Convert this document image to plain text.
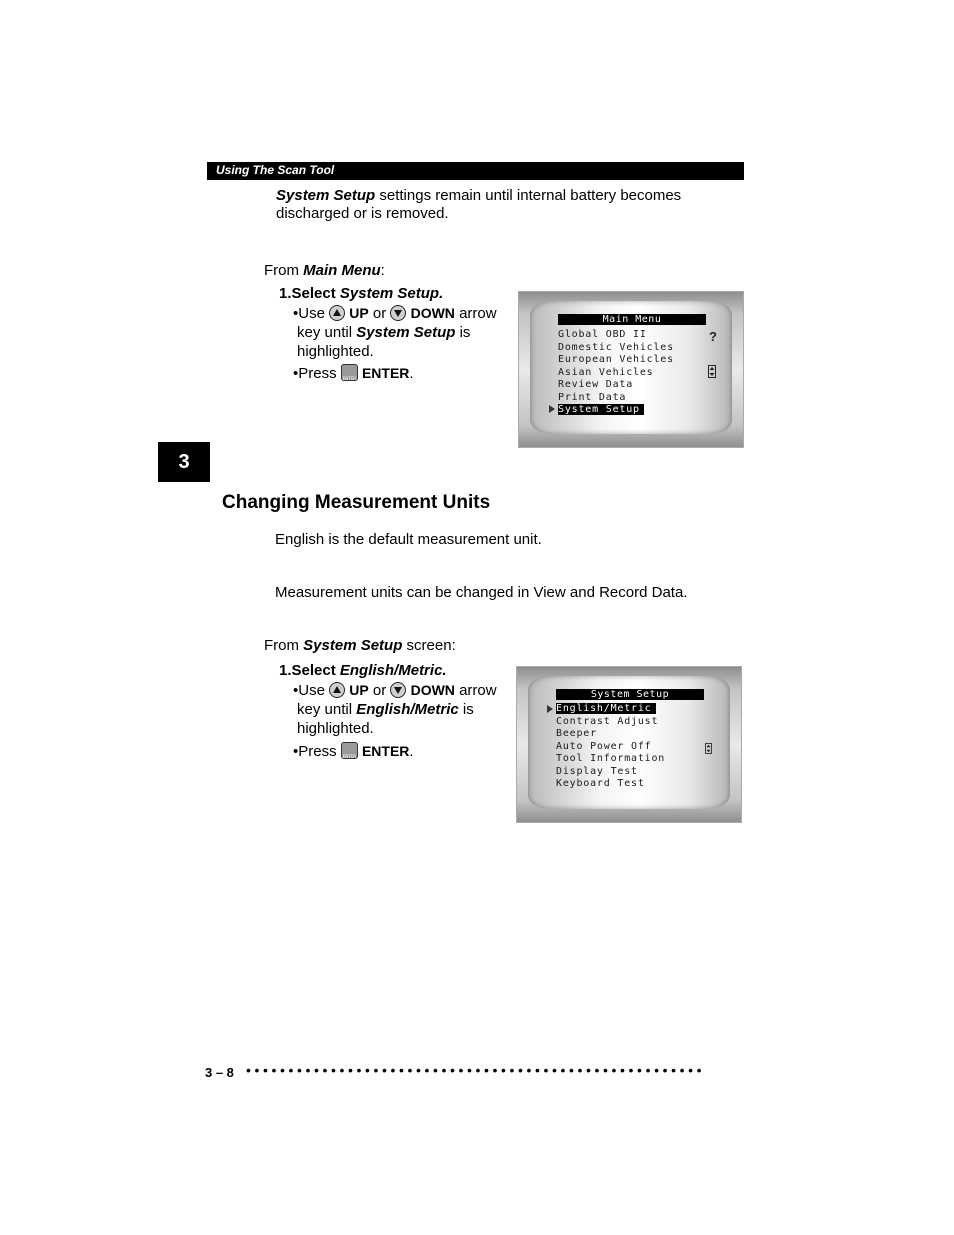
Using The Scan Tool
System Setup settings remain until internal battery becomes discharged or is removed.
From Main Menu:
1.Select System Setup.
•Use
UP or
DOWN arrow
key until System Setup is
highlighted.
•Press ENTER ENTER.
Main Menu
Global OBD II
Domestic Vehicles
European Vehicles
Asian Vehicles
Review Data
Print Data
System Setup
?
3
Changing Measurement Units
English is the default measurement unit.
Measurement units can be changed in View and Record Data.
From System Setup screen:
1.Select English/Metric.
•Use
UP or
DOWN arrow
key until English/Metric is
highlighted.
•Press ENTER ENTER.
System Setup
English/Metric
Contrast Adjust
Beeper
Auto Power Off
Tool Information
Display Test
Keyboard Test
3 – 8 ••••••••••••••••••••••••••••••••••••••••••••••••••••••
